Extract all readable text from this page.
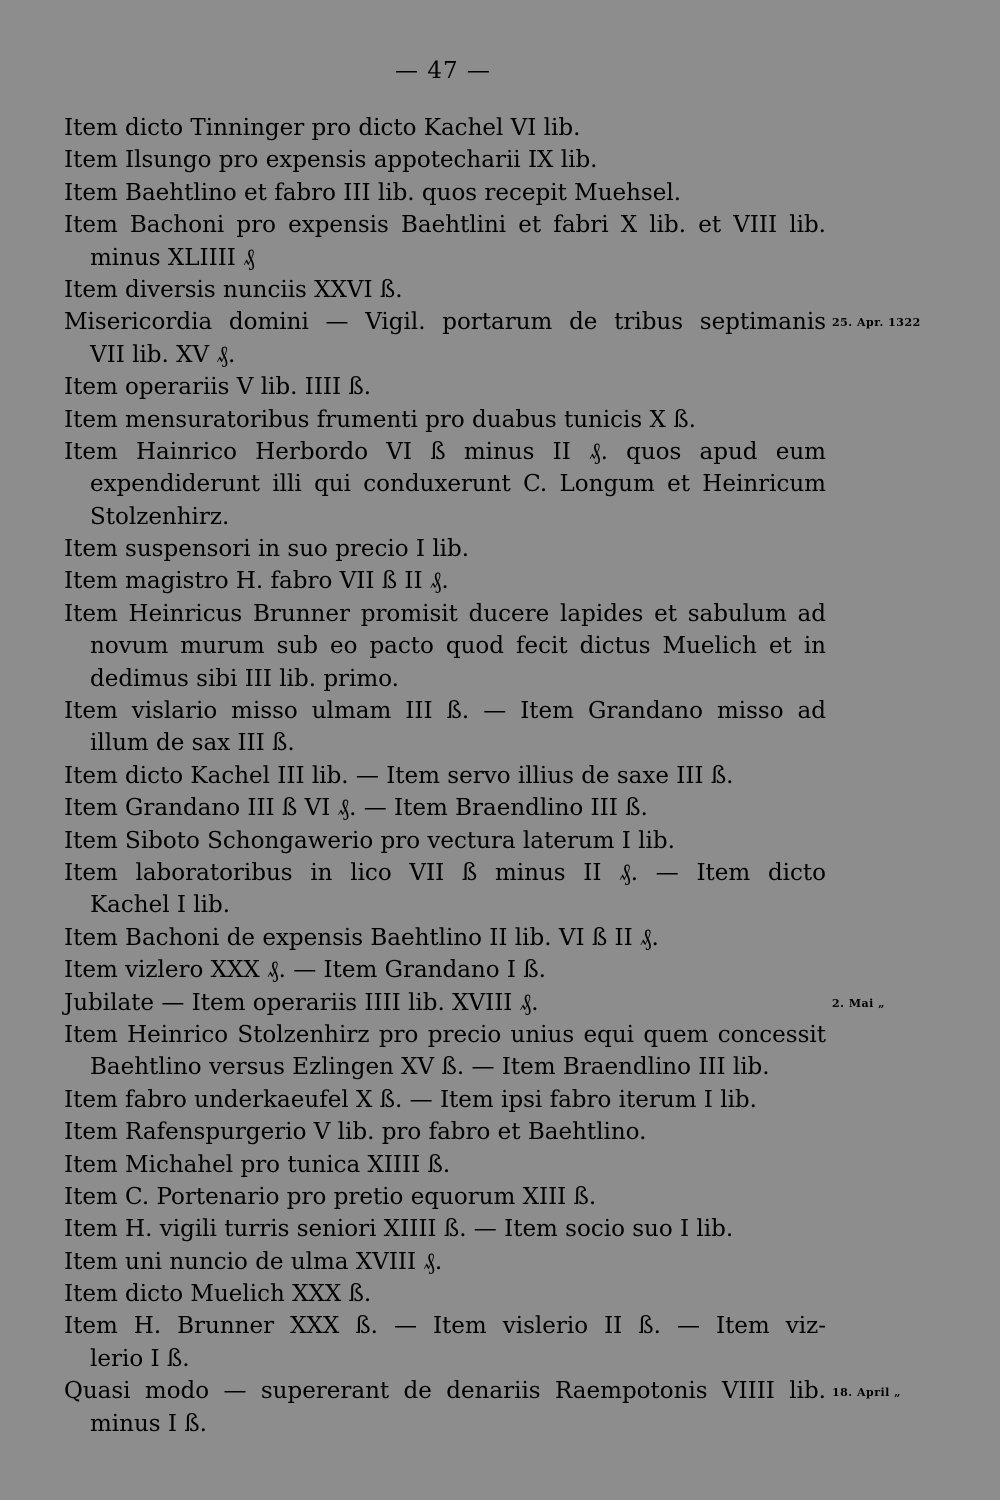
— 47 —
Item dicto Tinninger pro dicto Kachel VI lib.
Item Ilsungo pro expensis appotecharii IX lib.
Item Baehtlino et fabro III lib. quos recepit Muehsel.
Item Bachoni pro expensis Baehtlini et fabri X lib. et VIII lib.
minus XLIIII ₰
Item diversis nunciis XXVI ß.
Misericordia domini — Vigil. portarum de tribus septimanis
VII lib. XV ₰.
Item operariis V lib. IIII ß.
Item mensuratoribus frumenti pro duabus tunicis X ß.
Item Hainrico Herbordo VI ß minus II ₰. quos apud eum
expendiderunt illi qui conduxerunt C. Longum et Heinricum
Stolzenhirz.
Item suspensori in suo precio I lib.
Item magistro H. fabro VII ß II ₰.
Item Heinricus Brunner promisit ducere lapides et sabulum ad
novum murum sub eo pacto quod fecit dictus Muelich et in
dedimus sibi III lib. primo.
Item vislario misso ulmam III ß. — Item Grandano misso ad
illum de sax III ß.
Item dicto Kachel III lib. — Item servo illius de saxe III ß.
Item Grandano III ß VI ₰. — Item Braendlino III ß.
Item Siboto Schongawerio pro vectura laterum I lib.
Item laboratoribus in lico VII ß minus II ₰. — Item dicto
Kachel I lib.
Item Bachoni de expensis Baehtlino II lib. VI ß II ₰.
Item vizlero XXX ₰. — Item Grandano I ß.
Jubilate — Item operariis IIII lib. XVIII ₰.
Item Heinrico Stolzenhirz pro precio unius equi quem concessit
Baehtlino versus Ezlingen XV ß. — Item Braendlino III lib.
Item fabro underkaeufel X ß. — Item ipsi fabro iterum I lib.
Item Rafenspurgerio V lib. pro fabro et Baehtlino.
Item Michahel pro tunica XIIII ß.
Item C. Portenario pro pretio equorum XIII ß.
Item H. vigili turris seniori XIIII ß. — Item socio suo I lib.
Item uni nuncio de ulma XVIII ₰.
Item dicto Muelich XXX ß.
Item H. Brunner XXX ß. — Item vislerio II ß. — Item viz-
lerio I ß.
Quasi modo — supererant de denariis Raempotonis VIIII lib.
minus I ß.
25. Apr. 1322
2. Mai „
18. April „
